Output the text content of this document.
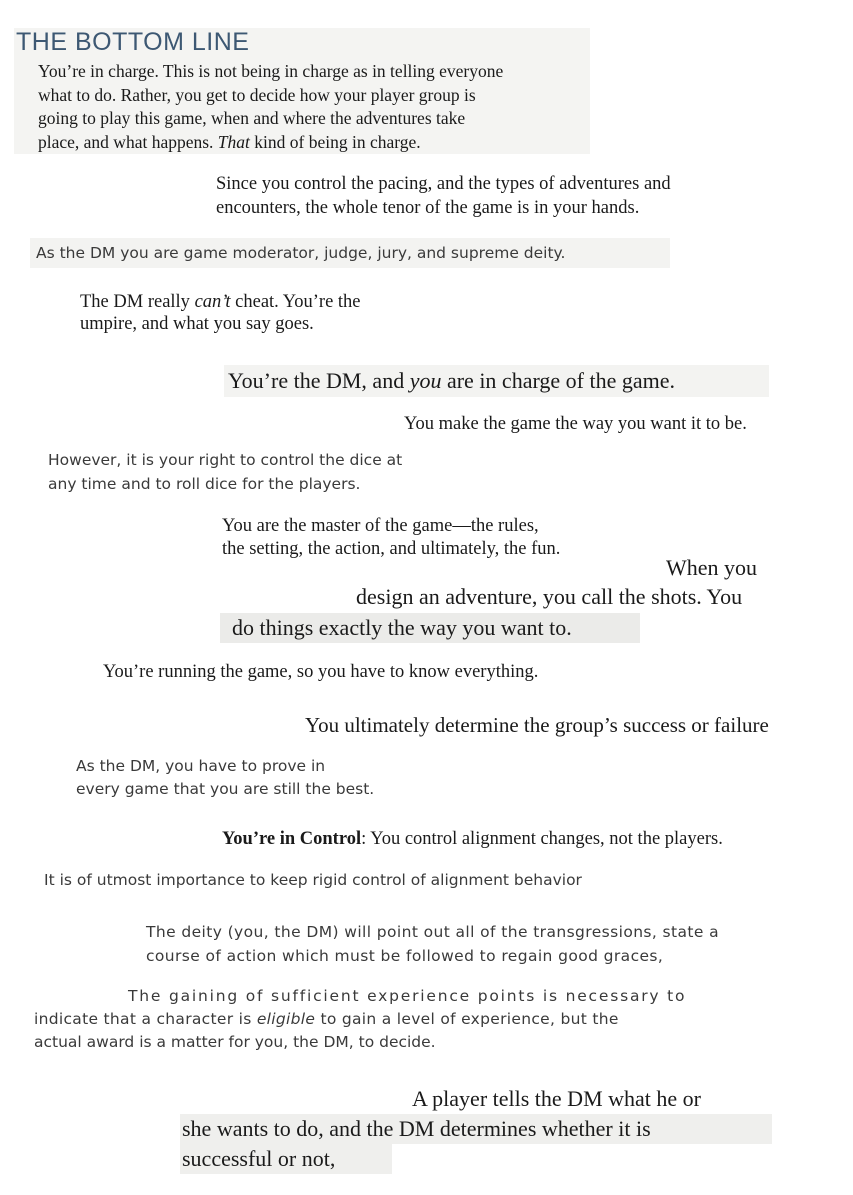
THE BOTTOM LINE
You’re in charge. This is not being in charge as in telling everyone
what to do. Rather, you get to decide how your player group is
going to play this game, when and where the adventures take
place, and what happens. That kind of being in charge.
Since you control the pacing, and the types of adventures and
encounters, the whole tenor of the game is in your hands.
As the DM you are game moderator, judge, jury, and supreme deity.
The DM really can’t cheat. You’re the
umpire, and what you say goes.
You’re the DM, and you are in charge of the game.
You make the game the way you want it to be.
However, it is your right to control the dice at
any time and to roll dice for the players.
You are the master of the game—the rules,
the setting, the action, and ultimately, the fun.
When you
design an adventure, you call the shots. You
do things exactly the way you want to.
You’re running the game, so you have to know everything.
You ultimately determine the group’s success or failure
As the DM, you have to prove in
every game that you are still the best.
You’re in Control: You control alignment changes, not the players.
It is of utmost importance to keep rigid control of alignment behavior
The deity (you, the DM) will point out all of the transgressions, state a
course of action which must be followed to regain good graces,
The gaining of sufficient experience points is necessary to
indicate that a character is eligible to gain a level of experience, but the
actual award is a matter for you, the DM, to decide.
A player tells the DM what he or
she wants to do, and the DM determines whether it is
successful or not,
